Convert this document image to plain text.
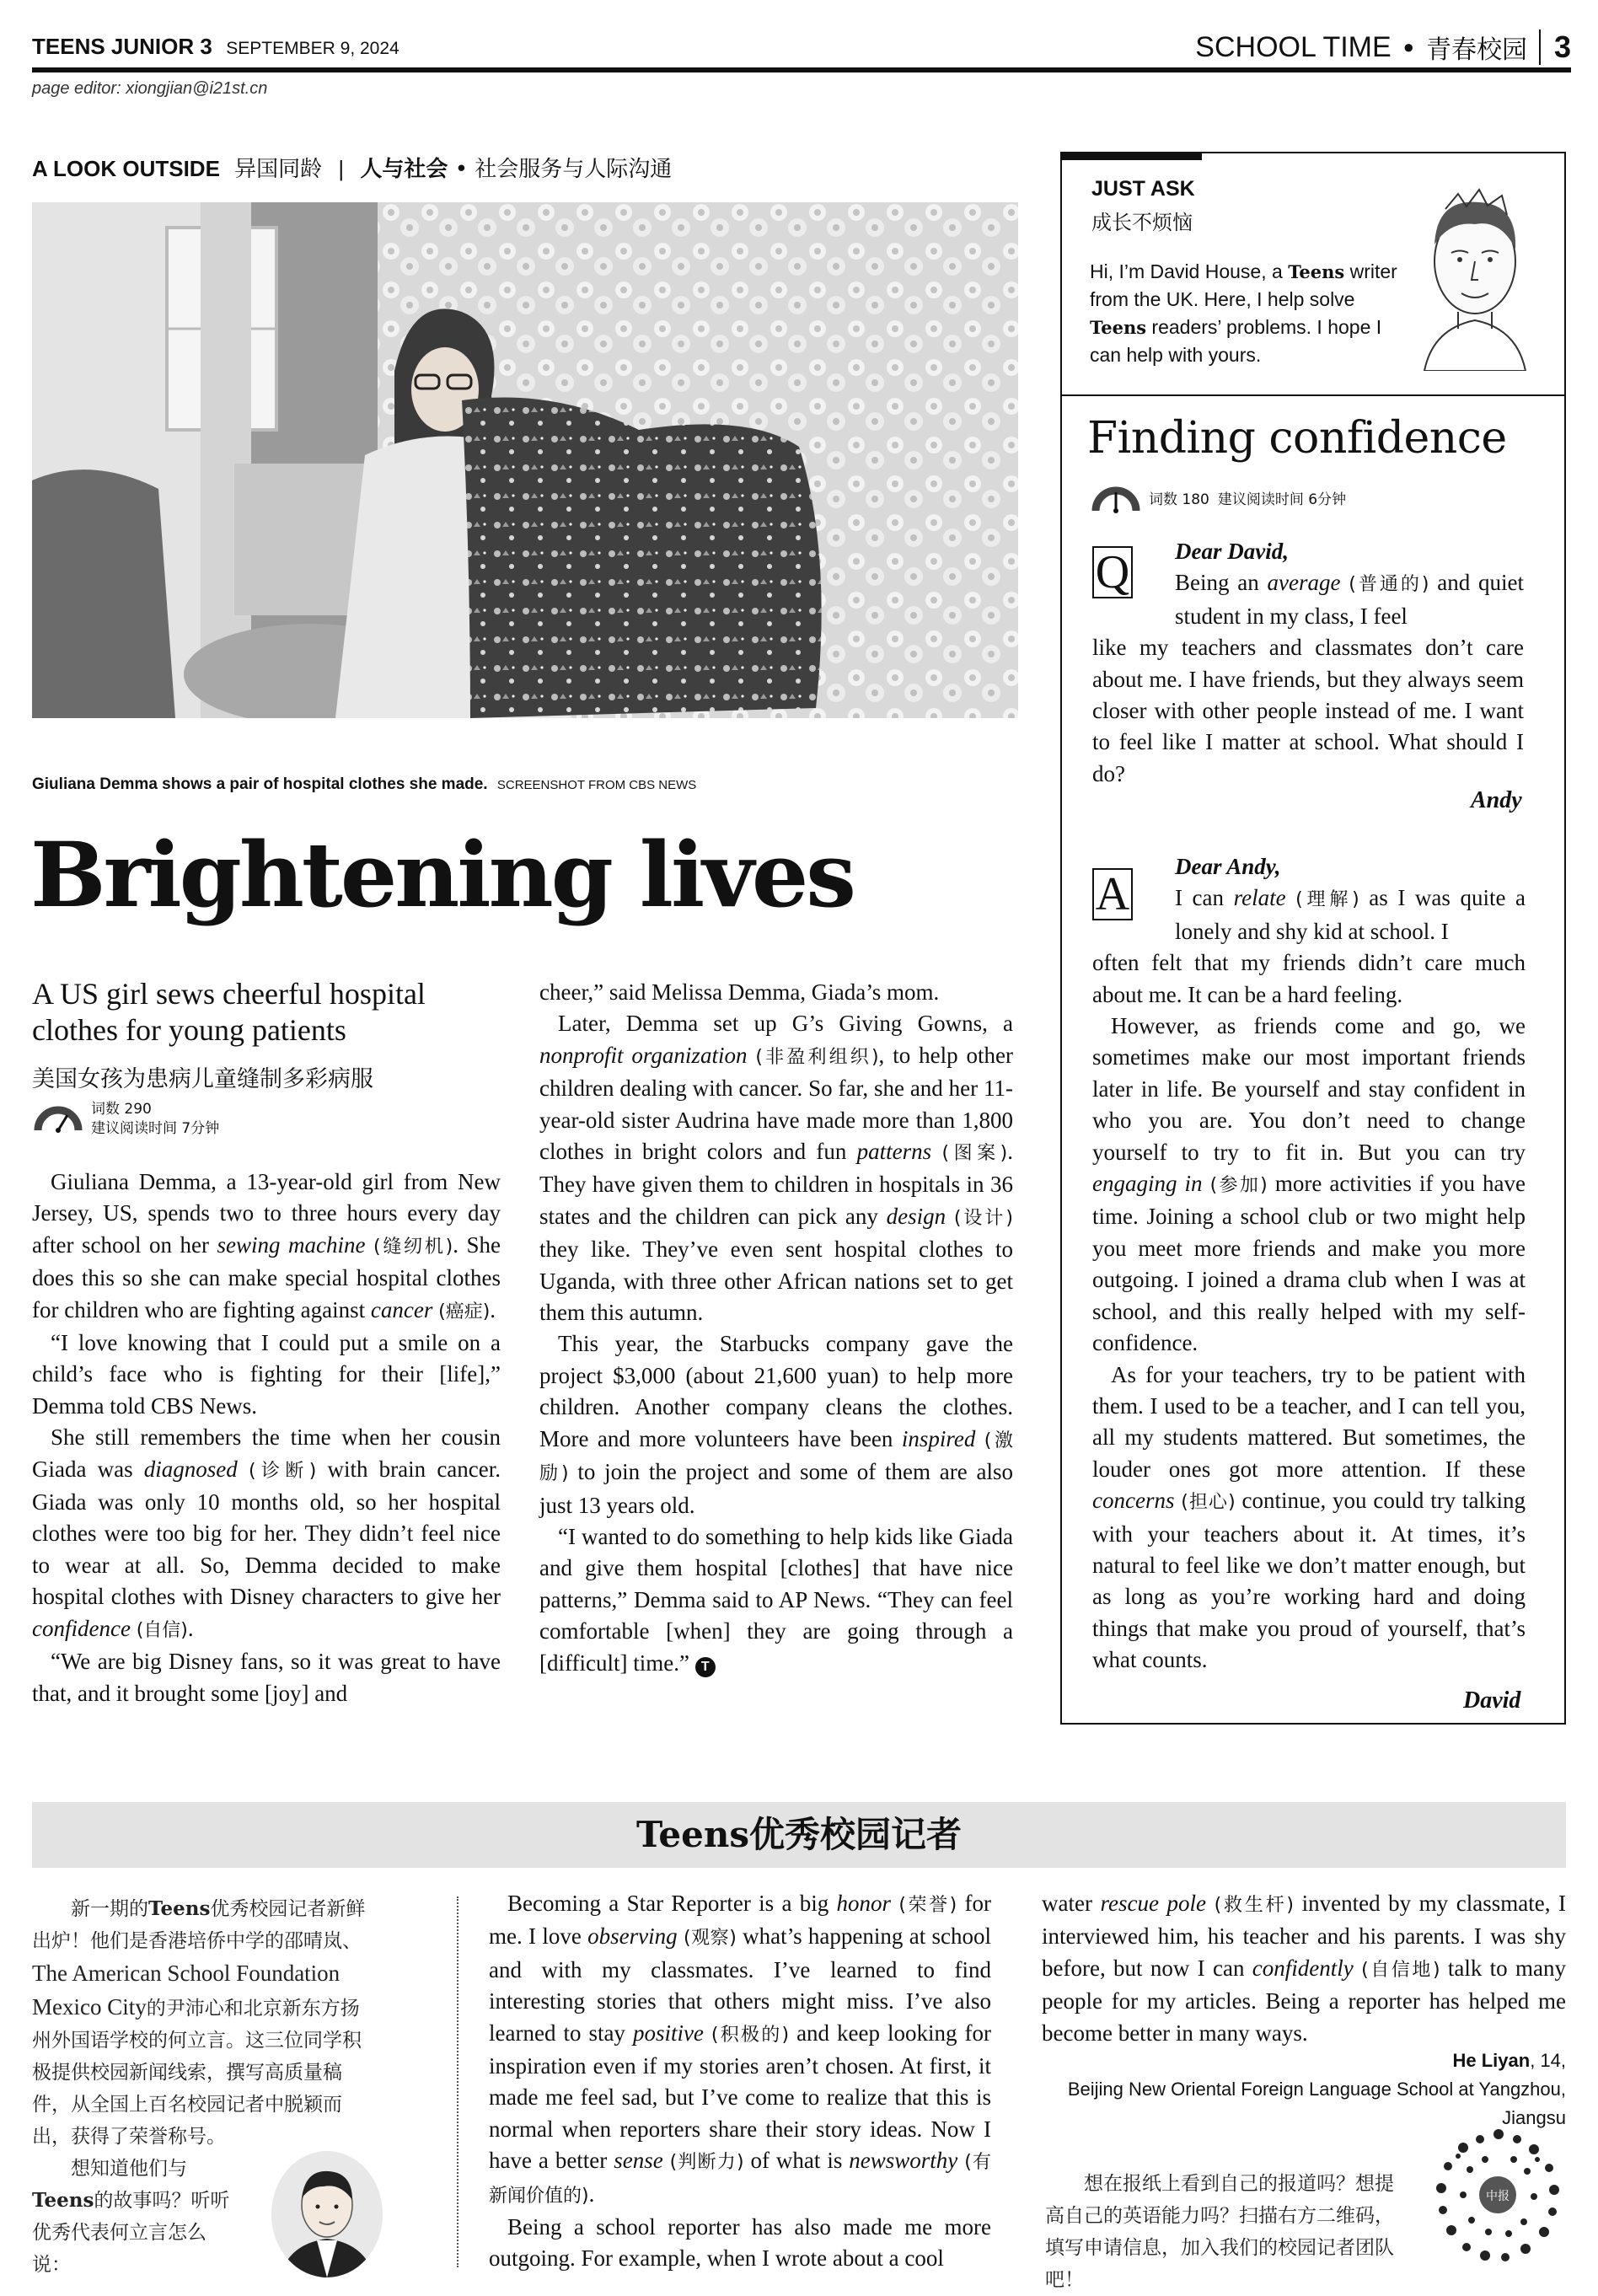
TEENS JUNIOR 3 SEPTEMBER 9, 2024	SCHOOL TIME ● 青春校园 3
page editor: xiongjian@i21st.cn
A LOOK OUTSIDE 异国同龄 | 人与社会 • 社会服务与人际沟通
Giuliana Demma shows a pair of hospital clothes she made. SCREENSHOT FROM CBS NEWS
Brightening lives
A US girl sews cheerful hospital clothes for young patients
美国女孩为患病儿童缝制多彩病服
词数 290
建议阅读时间 7分钟

Giuliana Demma, a 13-year-old girl from New Jersey, US, spends two to three hours every day after school on her sewing machine (缝纫机). She does this so she can make special hospital clothes for children who are fighting against cancer (癌症).

“I love knowing that I could put a smile on a child’s face who is fighting for their [life],” Demma told CBS News.

She still remembers the time when her cousin Giada was diagnosed (诊断) with brain cancer. Giada was only 10 months old, so her hospital clothes were too big for her. They didn’t feel nice to wear at all. So, Demma decided to make hospital clothes with Disney characters to give her confidence (自信).

“We are big Disney fans, so it was great to have that, and it brought some [joy] and

cheer,” said Melissa Demma, Giada’s mom.

Later, Demma set up G’s Giving Gowns, a nonprofit organization (非盈利组织), to help other children dealing with cancer. So far, she and her 11-year-old sister Audrina have made more than 1,800 clothes in bright colors and fun patterns (图案). They have given them to children in hospitals in 36 states and the children can pick any design (设计) they like. They’ve even sent hospital clothes to Uganda, with three other African nations set to get them this autumn.

This year, the Starbucks company gave the project $3,000 (about 21,600 yuan) to help more children. Another company cleans the clothes. More and more volunteers have been inspired (激励) to join the project and some of them are also just 13 years old.

“I wanted to do something to help kids like Giada and give them hospital [clothes] that have nice patterns,” Demma said to AP News. “They can feel comfortable [when] they are going through a [difficult] time.” T

JUST ASK
成长不烦恼
Hi, I’m David House, a Teens writer from the UK. Here, I help solve Teens readers’ problems. I hope I can help with yours.
Finding confidence
词数 180 建议阅读时间 6分钟
Q	Dear David,

Being an average (普通的) and quiet student in my class, I feel

like my teachers and classmates don’t care about me. I have friends, but they always seem closer with other people instead of me. I want to feel like I matter at school. What should I do?

Andy
A

Dear Andy,

I can relate (理解) as I was quite a lonely and shy kid at school. I

often felt that my friends didn’t care much about me. It can be a hard feeling.

However, as friends come and go, we sometimes make our most important friends later in life. Be yourself and stay confident in who you are. You don’t need to change yourself to try to fit in. But you can try engaging in (参加) more activities if you have time. Joining a school club or two might help you meet more friends and make you more outgoing. I joined a drama club when I was at school, and this really helped with my self-confidence.

As for your teachers, try to be patient with them. I used to be a teacher, and I can tell you, all my students mattered. But sometimes, the louder ones got more attention. If these concerns (担心) continue, you could try talking with your teachers about it. At times, it’s natural to feel like we don’t matter enough, but as long as you’re working hard and doing things that make you proud of yourself, that’s what counts.

David
Teens优秀校园记者

新一期的Teens优秀校园记者新鲜出炉！他们是香港培侨中学的邵晴岚、The American School Foundation Mexico City的尹沛心和北京新东方扬州外国语学校的何立言。这三位同学积极提供校园新闻线索，撰写高质量稿件，从全国上百名校园记者中脱颖而出，获得了荣誉称号。

想知道他们与Teens的故事吗？听听优秀代表何立言怎么说：

Becoming a Star Reporter is a big honor (荣誉) for me. I love observing (观察) what’s happening at school and with my classmates. I’ve learned to find interesting stories that others might miss. I’ve also learned to stay positive (积极的) and keep looking for inspiration even if my stories aren’t chosen. At first, it made me feel sad, but I’ve come to realize that this is normal when reporters share their story ideas. Now I have a better sense (判断力) of what is newsworthy (有新闻价值的).

Being a school reporter has also made me more outgoing. For example, when I wrote about a cool

water rescue pole (救生杆) invented by my classmate, I interviewed him, his teacher and his parents. I was shy before, but now I can confidently (自信地) talk to many people for my articles. Being a reporter has helped me become better in many ways.

He Liyan, 14,
Beijing New Oriental Foreign Language School at Yangzhou, Jiangsu
想在报纸上看到自己的报道吗？想提高自己的英语能力吗？扫描右方二维码，填写申请信息，加入我们的校园记者团队吧！
中报
